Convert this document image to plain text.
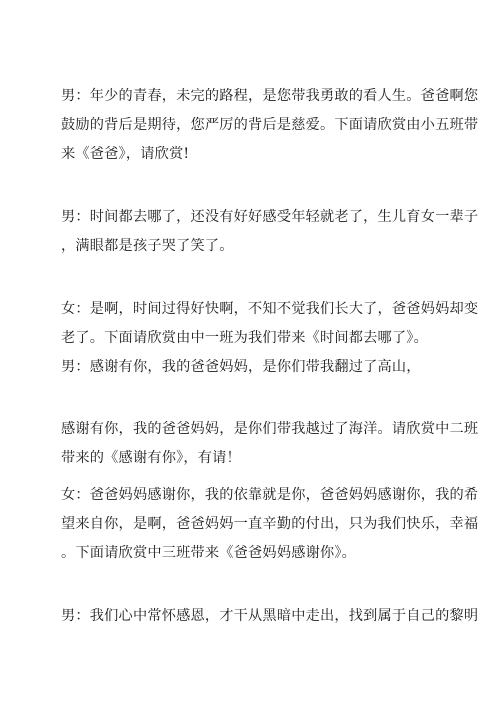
男：年少的青春，未完的路程，是您带我勇敢的看人生。爸爸啊您
鼓励的背后是期待，您严厉的背后是慈爱。下面请欣赏由小五班带
来《爸爸》，请欣赏!
男：时间都去哪了，还没有好好感受年轻就老了，生儿育女一辈子
，满眼都是孩子哭了笑了。
女：是啊，时间过得好快啊，不知不觉我们长大了，爸爸妈妈却变
老了。下面请欣赏由中一班为我们带来《时间都去哪了》。
男：感谢有你，我的爸爸妈妈，是你们带我翻过了高山，
感谢有你，我的爸爸妈妈，是你们带我越过了海洋。请欣赏中二班
带来的《感谢有你》，有请！
女：爸爸妈妈感谢你，我的依靠就是你，爸爸妈妈感谢你，我的希
望来自你，是啊，爸爸妈妈一直辛勤的付出，只为我们快乐，幸福
。下面请欣赏中三班带来《爸爸妈妈感谢你》。
男：我们心中常怀感恩，才干从黑暗中走出，找到属于自己的黎明
